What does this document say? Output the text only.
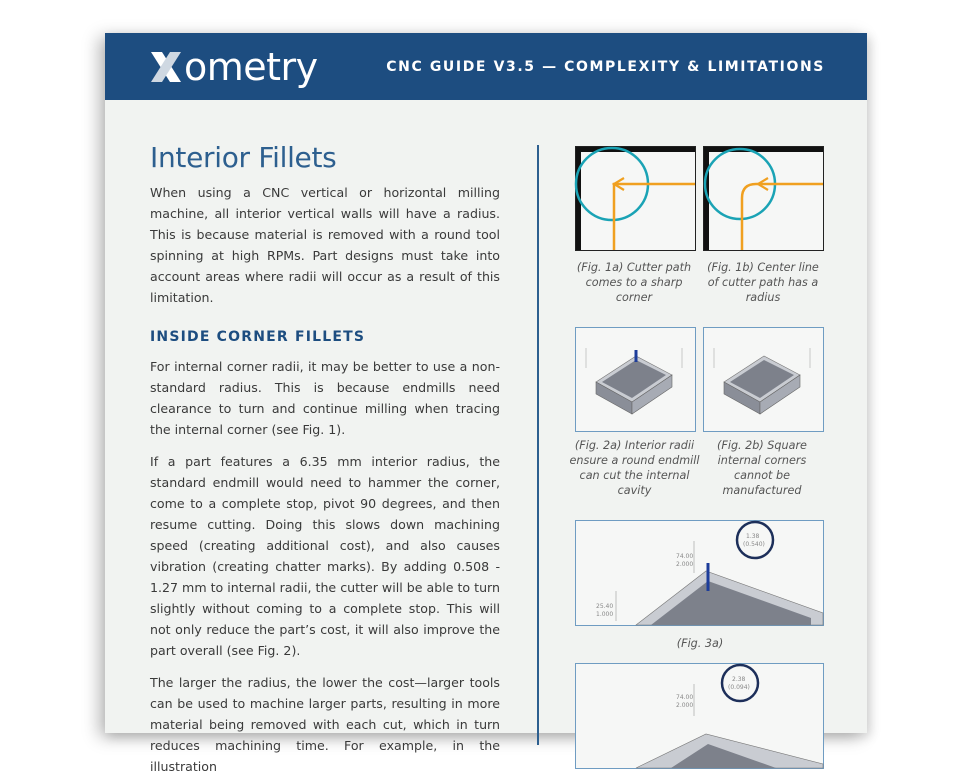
ometry	CNC GUIDE V3.5 — COMPLEXITY & LIMITATIONS
Interior Fillets

When using a CNC vertical or horizontal milling machine, all interior vertical walls will have a radius. This is because material is removed with a round tool spinning at high RPMs. Part designs must take into account areas where radii will occur as a result of this limitation.

INSIDE CORNER FILLETS

For internal corner radii, it may be better to use a non-standard radius. This is because endmills need clearance to turn and continue milling when tracing the internal corner (see Fig. 1).

If a part features a 6.35 mm interior radius, the standard endmill would need to hammer the corner, come to a complete stop, pivot 90 degrees, and then resume cutting. Doing this slows down machining speed (creating additional cost), and also causes vibration (creating chatter marks). By adding 0.508 - 1.27 mm to internal radii, the cutter will be able to turn slightly without coming to a complete stop. This will not only reduce the part’s cost, it will also improve the part overall (see Fig. 2).

The larger the radius, the lower the cost—larger tools can be used to machine larger parts, resulting in more material being removed with each cut, which in turn reduces machining time. For example, in the illustration

(Fig. 1a) Cutter path comes to a sharp corner
(Fig. 1b) Center line of cutter path has a radius
(Fig. 2a) Interior radii ensure a round endmill can cut the internal cavity
(Fig. 2b) Square internal corners cannot be manufactured
74.00
2.000
25.40
1.000
1.38
(0.540)
(Fig. 3a)
74.00
2.000
2.38
(0.094)
